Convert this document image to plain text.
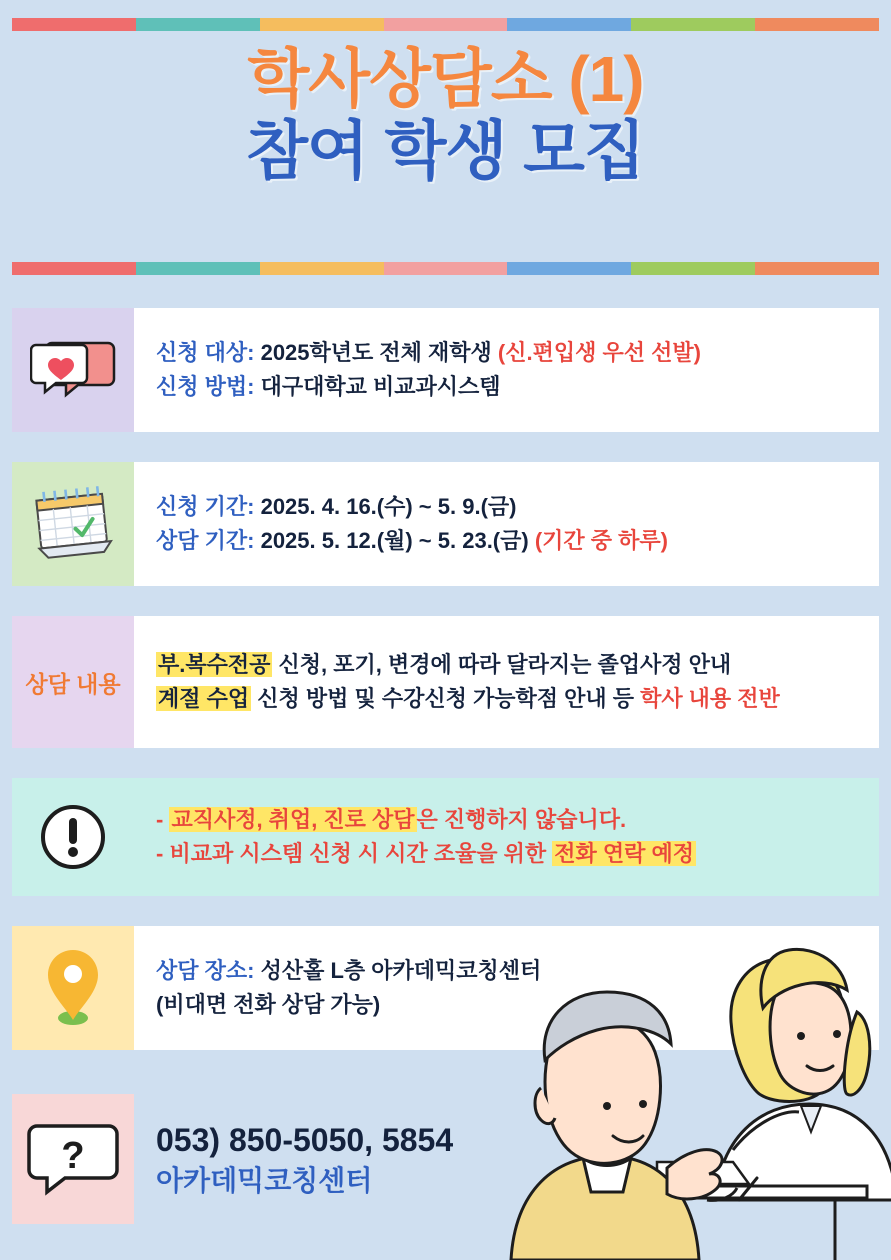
학사상담소 (1)
참여 학생 모집
신청 대상: 2025학년도 전체 재학생 (신.편입생 우선 선발)
신청 방법: 대구대학교 비교과시스템
신청 기간: 2025. 4. 16.(수) ~ 5. 9.(금)
상담 기간: 2025. 5. 12.(월) ~ 5. 23.(금) (기간 중 하루)
상담 내용
부.복수전공 신청, 포기, 변경에 따라 달라지는 졸업사정 안내
계절 수업 신청 방법 및 수강신청 가능학점 안내 등 학사 내용 전반
- 교직사정, 취업, 진로 상담은 진행하지 않습니다.
- 비교과 시스템 신청 시 시간 조율을 위한 전화 연락 예정
상담 장소: 성산홀 L층 아카데믹코칭센터
(비대면 전화 상담 가능)
? 053) 850-5050, 5854
아카데믹코칭센터
